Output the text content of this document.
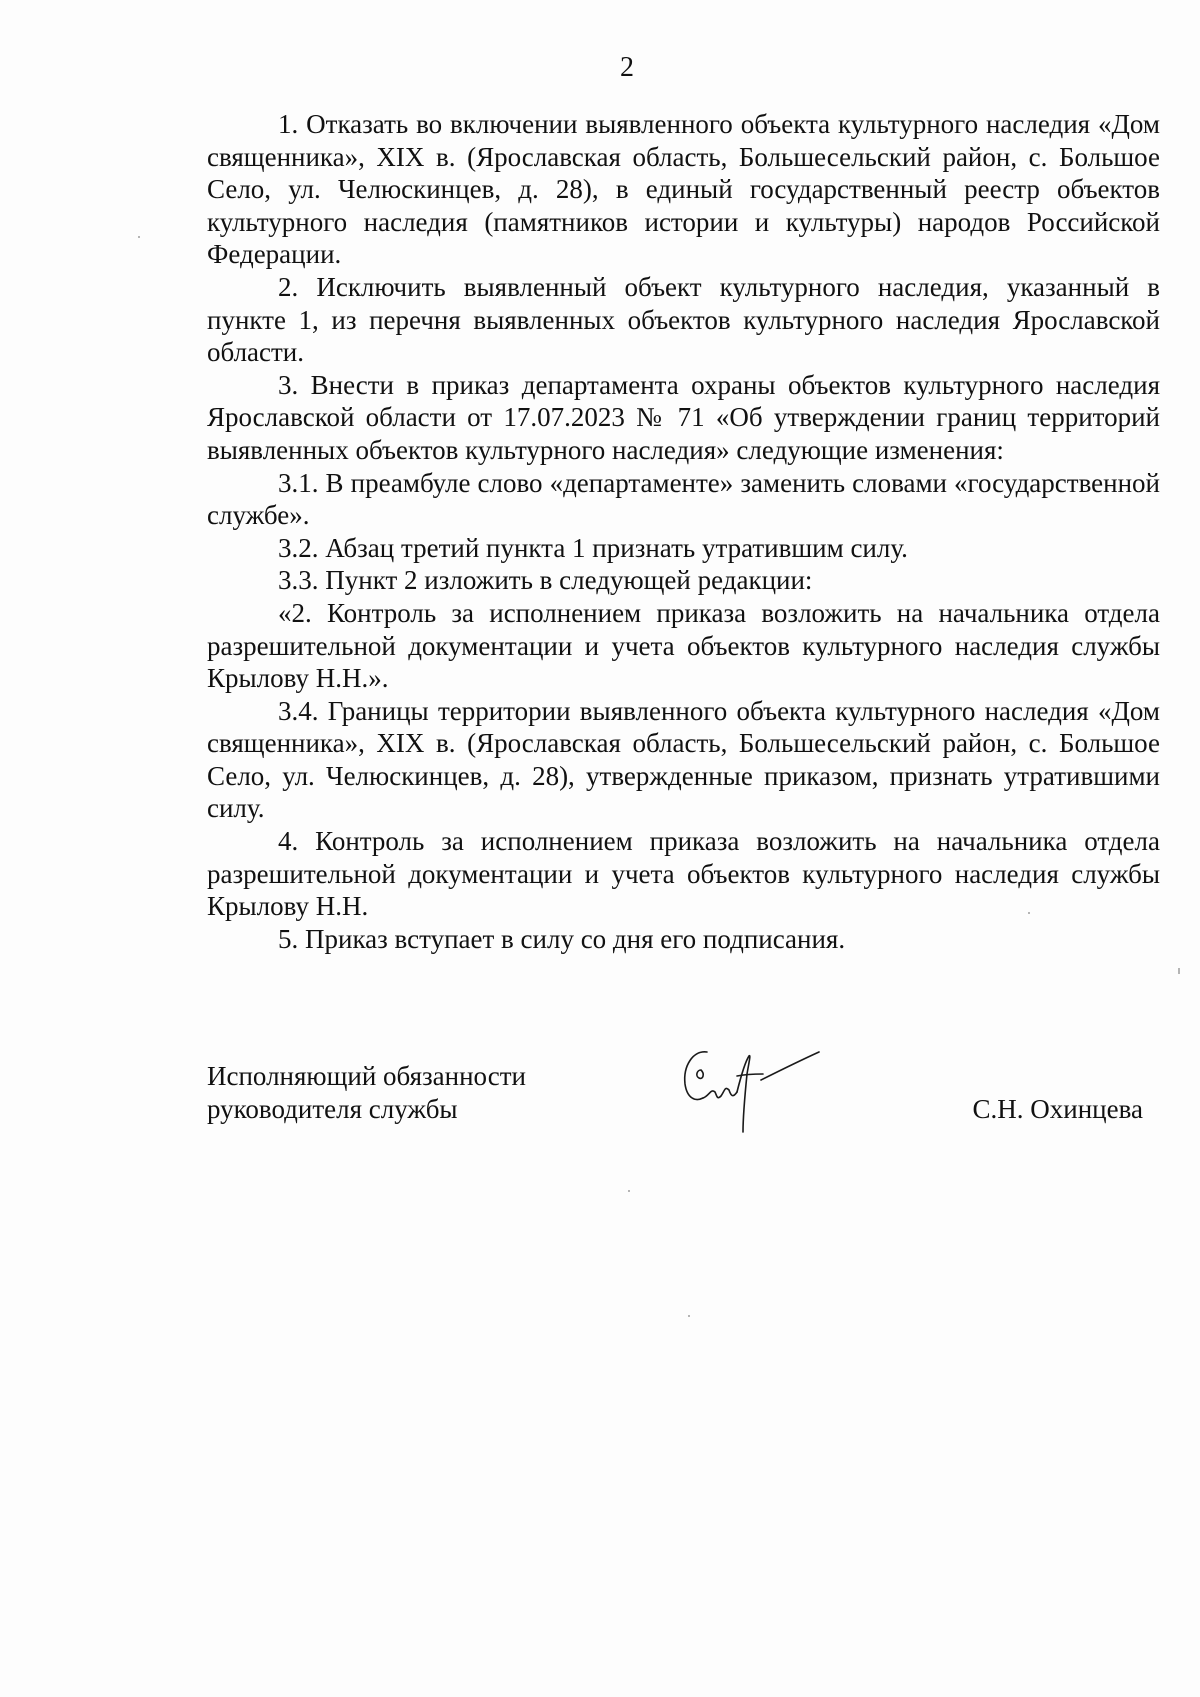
2

1. Отказать во включении выявленного объекта культурного наследия «Дом священника», XIX в. (Ярославская область, Большесельский район, с. Большое Село, ул. Челюскинцев, д. 28), в единый государственный реестр объектов культурного наследия (памятников истории и культуры) народов Российской Федерации.

2. Исключить выявленный объект культурного наследия, указанный в пункте 1, из перечня выявленных объектов культурного наследия Ярославской области.

3. Внести в приказ департамента охраны объектов культурного наследия Ярославской области от 17.07.2023 № 71 «Об утверждении границ территорий выявленных объектов культурного наследия» следующие изменения:

3.1. В преамбуле слово «департаменте» заменить словами «государственной службе».

3.2. Абзац третий пункта 1 признать утратившим силу.

3.3. Пункт 2 изложить в следующей редакции:

«2. Контроль за исполнением приказа возложить на начальника отдела разрешительной документации и учета объектов культурного наследия службы Крылову Н.Н.».

3.4. Границы территории выявленного объекта культурного наследия «Дом священника», XIX в. (Ярославская область, Большесельский район, с. Большое Село, ул. Челюскинцев, д. 28), утвержденные приказом, признать утратившими силу.

4. Контроль за исполнением приказа возложить на начальника отдела разрешительной документации и учета объектов культурного наследия службы Крылову Н.Н.

5. Приказ вступает в силу со дня его подписания.

Исполняющий обязанности
руководителя службы	С.Н. Охинцева
